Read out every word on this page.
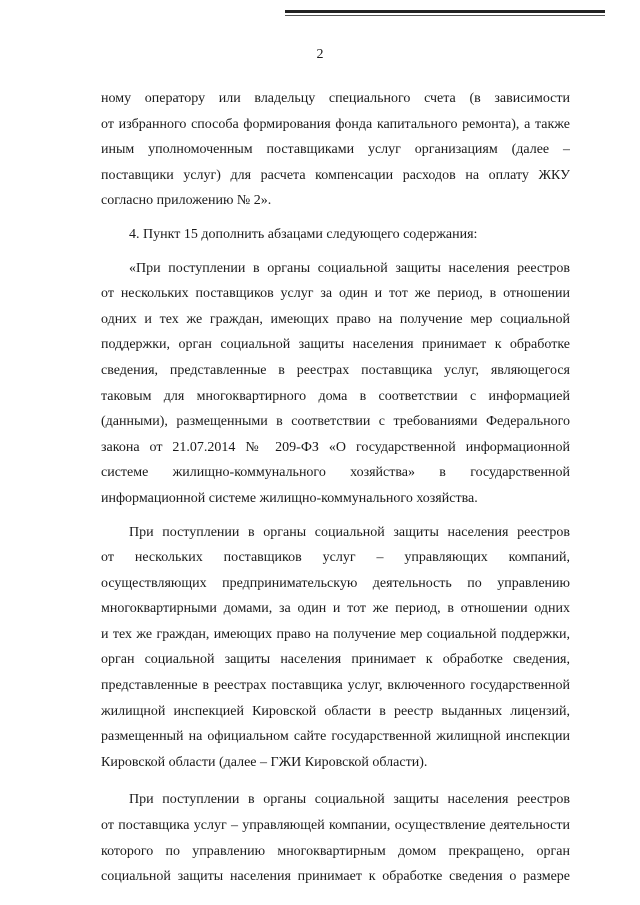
2
ному оператору или владельцу специального счета (в зависимости
от избранного способа формирования фонда капитального ремонта), а также
иным уполномоченным поставщиками услуг организациям (далее –
поставщики услуг) для расчета компенсации расходов на оплату ЖКУ
согласно приложению № 2».
4. Пункт 15 дополнить абзацами следующего содержания:
«При поступлении в органы социальной защиты населения реестров
от нескольких поставщиков услуг за один и тот же период, в отношении
одних и тех же граждан, имеющих право на получение мер социальной
поддержки, орган социальной защиты населения принимает к обработке
сведения, представленные в реестрах поставщика услуг, являющегося
таковым для многоквартирного дома в соответствии с информацией
(данными), размещенными в соответствии с требованиями Федерального
закона от 21.07.2014 № 209-ФЗ «О государственной информационной
системе жилищно-коммунального хозяйства» в государственной
информационной системе жилищно-коммунального хозяйства.
При поступлении в органы социальной защиты населения реестров
от нескольких поставщиков услуг – управляющих компаний,
осуществляющих предпринимательскую деятельность по управлению
многоквартирными домами, за один и тот же период, в отношении одних
и тех же граждан, имеющих право на получение мер социальной поддержки,
орган социальной защиты населения принимает к обработке сведения,
представленные в реестрах поставщика услуг, включенного государственной
жилищной инспекцией Кировской области в реестр выданных лицензий,
размещенный на официальном сайте государственной жилищной инспекции
Кировской области (далее – ГЖИ Кировской области).
При поступлении в органы социальной защиты населения реестров
от поставщика услуг – управляющей компании, осуществление деятельности
которого по управлению многоквартирным домом прекращено, орган
социальной защиты населения принимает к обработке сведения о размере
